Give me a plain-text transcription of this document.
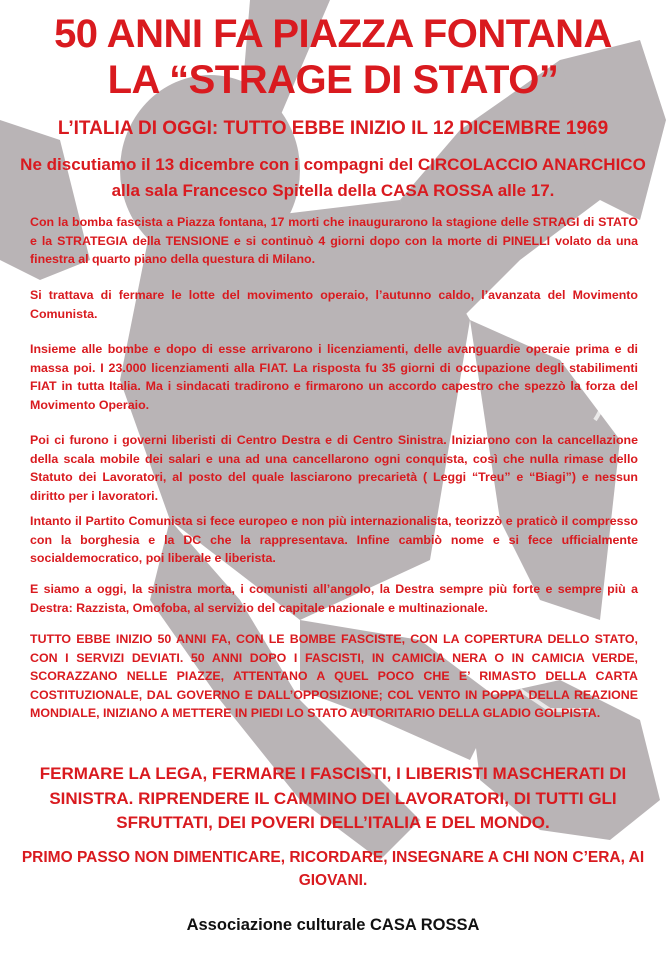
50 ANNI FA PIAZZA FONTANA
LA “STRAGE DI STATO”
L’ITALIA DI OGGI: TUTTO EBBE INIZIO IL 12 DICEMBRE 1969
Ne discutiamo il 13 dicembre con i compagni del CIRCOLACCIO ANARCHICO alla sala Francesco Spitella della CASA ROSSA alle 17.

Con la bomba fascista a Piazza fontana, 17 morti che inaugurarono la stagione delle STRAGI di STATO e la STRATEGIA della TENSIONE e si continuò 4 giorni dopo con la morte di PINELLI volato da una finestra al quarto piano della questura di Milano.

Si trattava di fermare le lotte del movimento operaio, l’autunno caldo, l’avanzata del Movimento Comunista.

Insieme alle bombe e dopo di esse arrivarono i licenziamenti, delle avanguardie operaie prima e di massa poi. I 23.000 licenziamenti alla FIAT. La risposta fu 35 giorni di occupazione degli stabilimenti FIAT in tutta Italia. Ma i sindacati tradirono e firmarono un accordo capestro che spezzò la forza del Movimento Operaio.

Poi ci furono i governi liberisti di Centro Destra e di Centro Sinistra. Iniziarono con la cancellazione della scala mobile dei salari e una ad una cancellarono ogni conquista, così che nulla rimase dello Statuto dei Lavoratori, al posto del quale lasciarono precarietà ( Leggi “Treu” e “Biagi”) e nessun diritto per i lavoratori.

Intanto il Partito Comunista si fece europeo e non più internazionalista, teorizzò e praticò il compresso con la borghesia e la DC che la rappresentava. Infine cambiò nome e si fece ufficialmente socialdemocratico, poi liberale e liberista.

E siamo a oggi, la sinistra morta, i comunisti all’angolo, la Destra sempre più forte e sempre più a Destra: Razzista, Omofoba, al servizio del capitale nazionale e multinazionale.

TUTTO EBBE INIZIO 50 ANNI FA, CON LE BOMBE FASCISTE, CON LA COPERTURA DELLO STATO, CON I SERVIZI DEVIATI. 50 ANNI DOPO I FASCISTI, IN CAMICIA NERA O IN CAMICIA VERDE, SCORAZZANO NELLE PIAZZE, ATTENTANO A QUEL POCO CHE E’ RIMASTO DELLA CARTA COSTITUZIONALE, DAL GOVERNO E DALL’OPPOSIZIONE; COL VENTO IN POPPA DELLA REAZIONE MONDIALE, INIZIANO A METTERE IN PIEDI LO STATO AUTORITARIO DELLA GLADIO GOLPISTA.

FERMARE LA LEGA, FERMARE I FASCISTI, I LIBERISTI MASCHERATI DI SINISTRA. RIPRENDERE IL CAMMINO DEI LAVORATORI, DI TUTTI GLI SFRUTTATI, DEI POVERI DELL’ITALIA E DEL MONDO.
PRIMO PASSO NON DIMENTICARE, RICORDARE, INSEGNARE A CHI NON C’ERA, AI GIOVANI.
Associazione culturale CASA ROSSA
